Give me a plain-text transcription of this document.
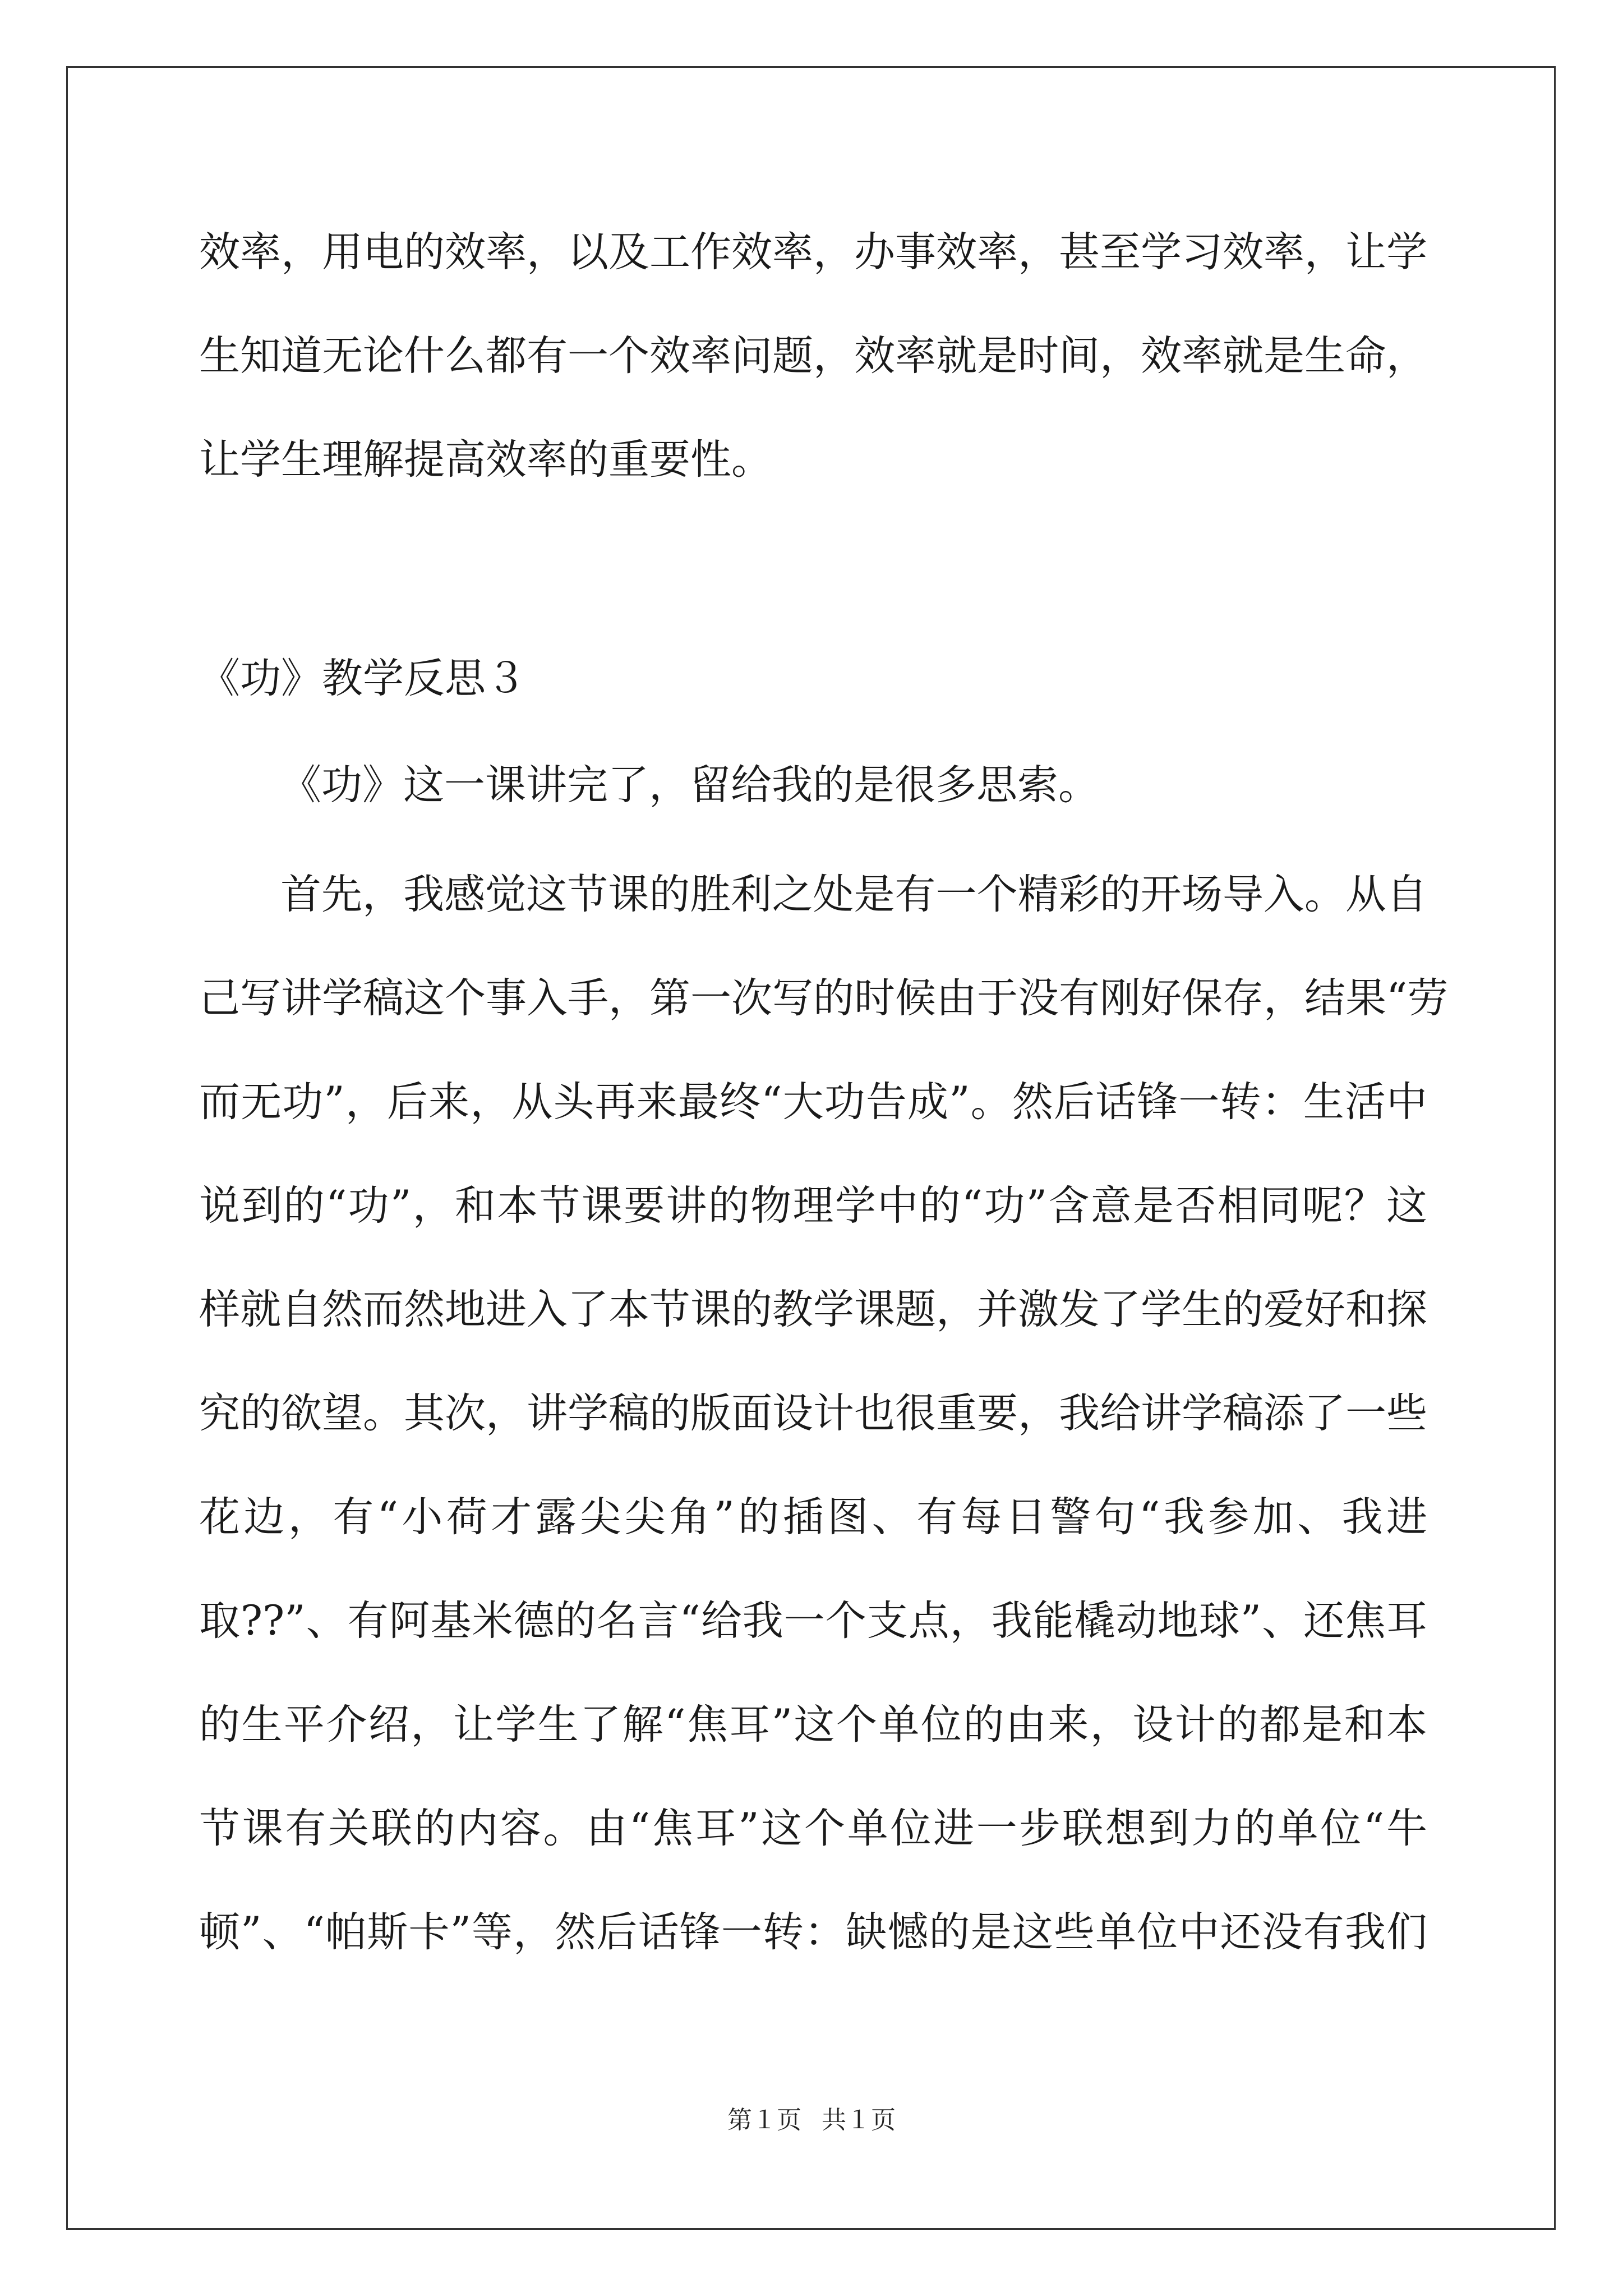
效率，用电的效率，以及工作效率，办事效率，甚至学习效率，让学
生知道无论什么都有一个效率问题，效率就是时间，效率就是生命，
让学生理解提高效率的重要性。
《功》教学反思３
《功》这一课讲完了，留给我的是很多思索。
首先，我感觉这节课的胜利之处是有一个精彩的开场导入。从自
己写讲学稿这个事入手，第一次写的时候由于没有刚好保存，结果“劳
而无功”，后来，从头再来最终“大功告成”。然后话锋一转：生活中
说到的“功”，和本节课要讲的物理学中的“功”含意是否相同呢？这
样就自然而然地进入了本节课的教学课题，并激发了学生的爱好和探
究的欲望。其次，讲学稿的版面设计也很重要，我给讲学稿添了一些
花边，有“小荷才露尖尖角”的插图、有每日警句“我参加、我进
取??”、有阿基米德的名言“给我一个支点，我能橇动地球”、还焦耳
的生平介绍，让学生了解“焦耳”这个单位的由来，设计的都是和本
节课有关联的内容。由“焦耳”这个单位进一步联想到力的单位“牛
顿”、“帕斯卡”等，然后话锋一转：缺憾的是这些单位中还没有我们
第１页 共１页
